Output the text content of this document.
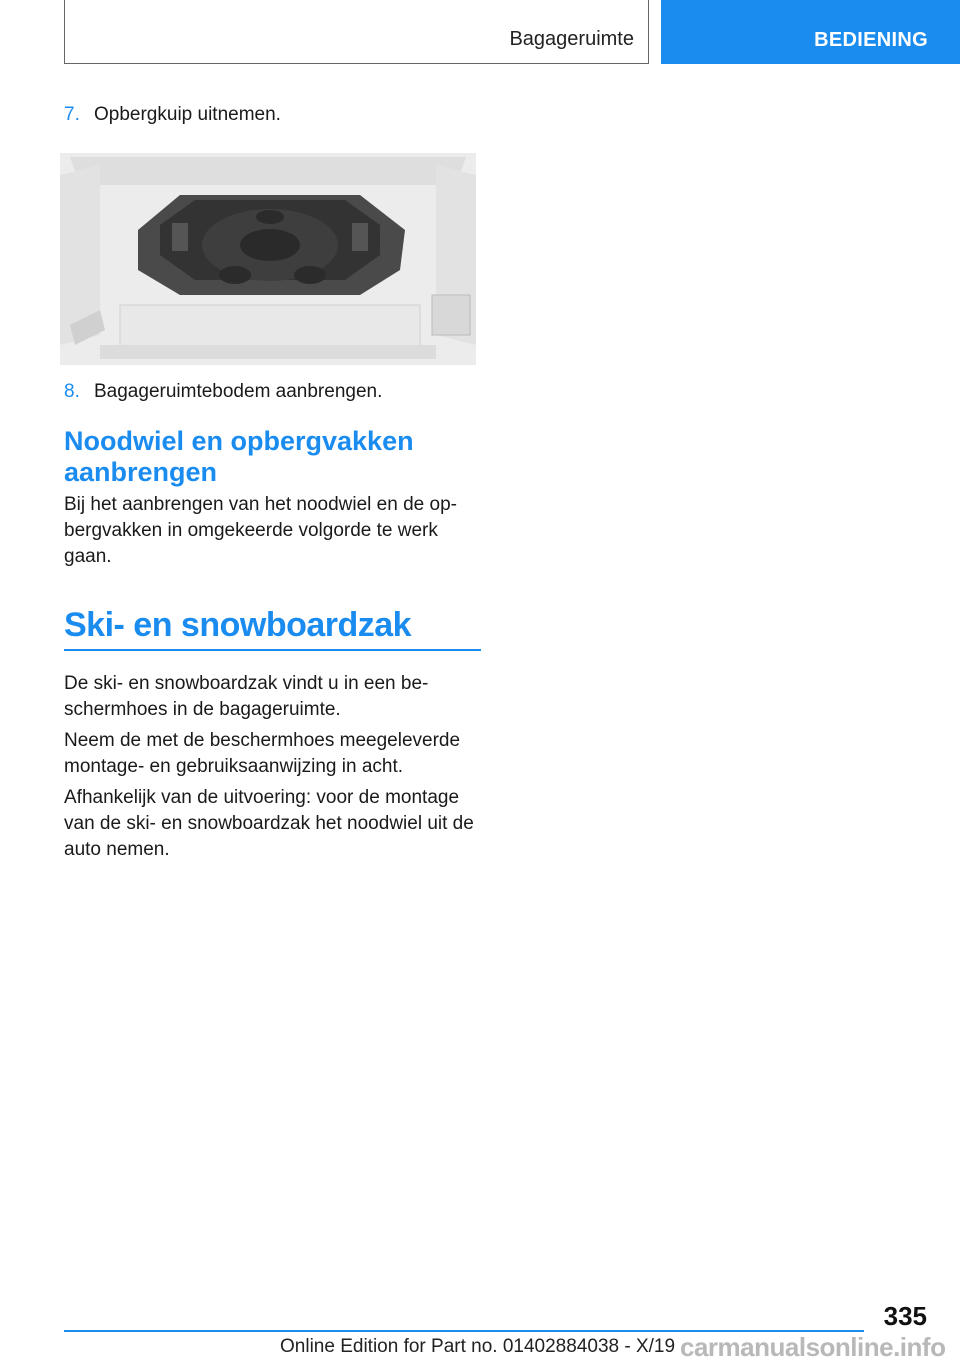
Bagageruimte	BEDIENING
7. Opbergkuip uitnemen.
8. Bagageruimtebodem aanbrengen.
Noodwiel en opbergvakken
aanbrengen
Bij het aanbrengen van het noodwiel en de op-
bergvakken in omgekeerde volgorde te werk
gaan.
Ski- en snowboardzak
De ski- en snowboardzak vindt u in een be-
schermhoes in de bagageruimte.
Neem de met de beschermhoes meegeleverde
montage- en gebruiksaanwijzing in acht.
Afhankelijk van de uitvoering: voor de montage
van de ski- en snowboardzak het noodwiel uit de
auto nemen.
335
Online Edition for Part no. 01402884038 - X/19 carmanualsonline.info
